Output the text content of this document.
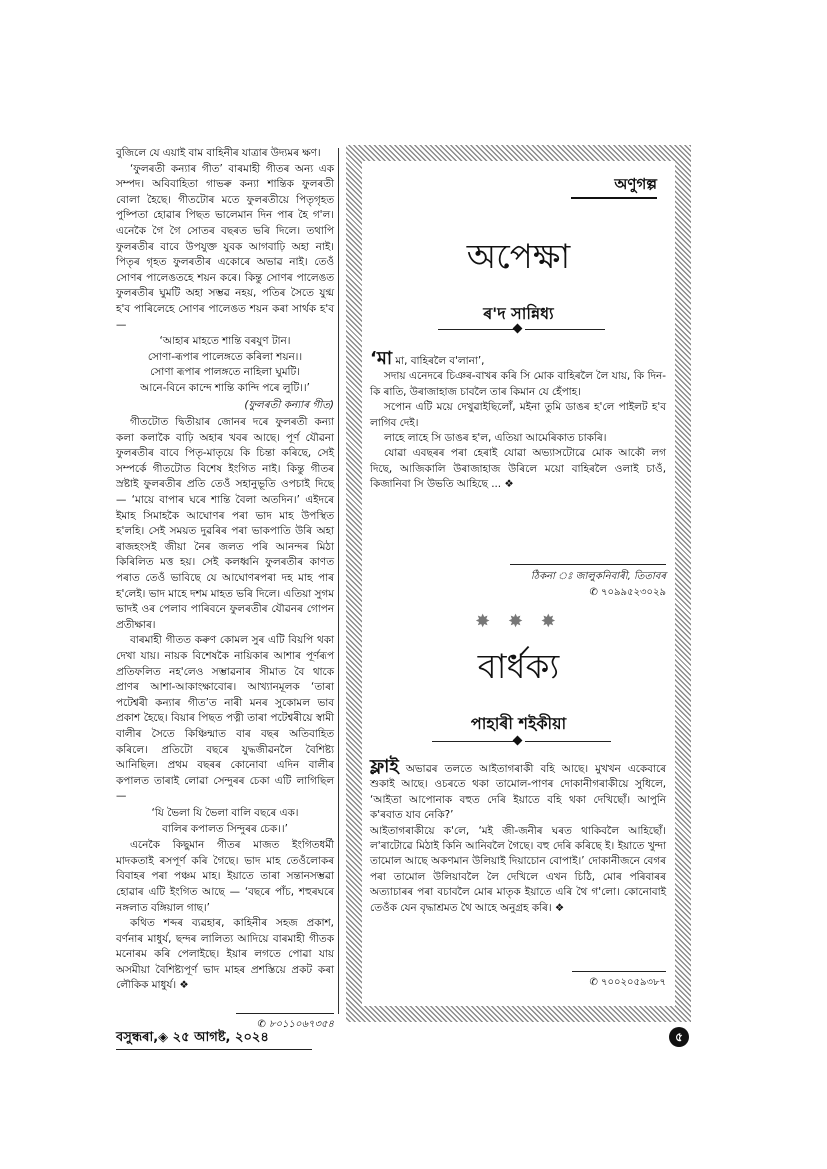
বুজিলে যে এয়াই বাম বাহিনীৰ যাত্ৰাৰ উদ্যমৰ ক্ষণ।

‘ফুলৰতী কন্যাৰ গীত’ বাৰমাহী গীতৰ অন্য এক সম্পদ। অবিবাহিতা গাভৰু কন্যা শান্তিক ফুলৰতী বোলা হৈছে। গীতটোৰ মতে ফুলৰতীয়ে পিতৃগৃহত পুষ্পিতা হোৱাৰ পিছত ভালেমান দিন পাৰ হৈ গ'ল। এনেকৈ গৈ গৈ সোতৰ বছৰত ভৰি দিলে। তথাপি ফুলৰতীৰ বাবে উপযুক্ত যুবক আগবাঢ়ি অহা নাই। পিতৃৰ গৃহত ফুলৰতীৰ একোৰে অভাৱ নাই। তেওঁ সোণৰ পালেঙতহে শয়ন কৰে। কিন্তু সোণৰ পালেঙত ফুলৰতীৰ ঘুমটি অহা সম্ভৱ নহয়, পতিৰ সৈতে যুগ্ম হ'ব পাৰিলেহে সোণৰ পালেঙত শয়ন কৰা সাৰ্থক হ'ব —

‘আহাৰ মাহতে শান্তি বৰযুণ টান।
সোণা-ৰূপাৰ পালেঙ্গতে কৰিলা শয়ন।।
সোণা ৰূপাৰ পালঙ্গতে নাহিলা ঘুমটি।
আনে-বিনে কান্দে শান্তি কান্দি পৰে লুটি।।’
(ফুলৰতী কন্যাৰ গীত)

গীতটোত দ্বিতীয়াৰ জোনৰ দৰে ফুলৰতী কন্যা কলা কলাকৈ বাঢ়ি অহাৰ খবৰ আছে। পূৰ্ণ যৌৱনা ফুলৰতীৰ বাবে পিতৃ-মাতৃয়ে কি চিন্তা কৰিছে, সেই সম্পৰ্কে গীতটোত বিশেষ ইংগিত নাই। কিন্তু গীতৰ স্ৰষ্টাই ফুলৰতীৰ প্ৰতি তেওঁ সহানুভূতি ওপচাই দিছে — ‘মায়ে বাপাৰ ঘৰে শান্তি বৈলা অতদিন।’ এইদৰে ইমাহ সিমাহকৈ আঘোণৰ পৰা ভাদ মাহ উপস্থিত হ'লহি। সেই সময়ত দুৱৰিৰ পৰা ভাকপাতি উৰি অহা ৰাজহংসই জীয়া নৈৰ জলত পৰি আনন্দৰ মিঠা কিৰিলিত মত্ত হয়। সেই কলধ্বনি ফুলৰতীৰ কাণত পৰাত তেওঁ ভাবিছে যে আঘোণৰপৰা দহ মাহ পাৰ হ'লেই। ভাদ মাহে দশম মাহত ভৰি দিলে। এতিয়া সুগম ভাদই ওৰ পেলাব পাৰিবনে ফুলৰতীৰ যৌৱনৰ গোপন প্ৰতীক্ষাৰ।

বাৰমাহী গীতত কৰুণ কোমল সুৰ এটি বিয়পি থকা দেখা যায়। নায়ক বিশেষকৈ নায়িকাৰ আশাৰ পূৰ্ণৰূপ প্ৰতিফলিত নহ'লেও সম্ভাৱনাৰ সীমাত বৈ থাকে প্ৰাণৰ আশা-আকাংক্ষাবোৰ। আখ্যানমূলক ‘তাৰা পটেশ্বৰী কন্যাৰ গীত’ত নাৰী মনৰ সুকোমল ভাব প্ৰকাশ হৈছে। বিয়াৰ পিছত পত্নী তাৰা পটেশ্বৰীয়ে স্বামী বালীৰ সৈতে কিঞ্চিন্মাত বাৰ বছৰ অতিবাহিত কৰিলে। প্ৰতিটো বছৰে যুদ্ধজীৱনলৈ বৈশিষ্ট্য আনিছিল। প্ৰথম বছৰৰ কোনোবা এদিন বালীৰ কপালত তাৰাই লোৱা সেন্দুৰৰ চেকা এটি লাগিছিল —

‘যি ভৈলা যি ভৈলা বালি বছৰে এক।
বালিৰ কপালত সিন্দুৰৰ চেক।।’

এনেকৈ কিছুমান গীতৰ মাজত ইংগিতধৰ্মী মাদকতাই ৰসপূৰ্ণ কৰি গৈছে। ভাদ মাহ তেওঁলোকৰ বিবাহৰ পৰা পঞ্চম মাহ। ইয়াতে তাৰা সন্তানসম্ভৱা হোৱাৰ এটি ইংগিত আছে — ‘বছৰে পাঁচ, শহুৰঘৰে নঙ্গলাত বঙ্গিয়াল গাছ।’

কথিত শব্দৰ ব্যৱহাৰ, কাহিনীৰ সহজ প্ৰকাশ, বৰ্ণনাৰ মাধুৰ্য, ছন্দৰ লালিত্য আদিয়ে বাৰমাহী গীতক মনোৰম কৰি পেলাইছে। ইয়াৰ লগতে পোৱা যায় অসমীয়া বৈশিষ্ট্যপূৰ্ণ ভাদ মাহৰ প্ৰশস্তিয়ে প্ৰকট কৰা লৌকিক মাধুৰ্য। ❖

✆ ৮০১১০৬৭৩৫৪
বসুন্ধৰা,◈ ২৫ আগষ্ট, ২০২৪	৫
অণুগল্প
অপেক্ষা
ৰ'দ সান্নিধ্য

‘মা মা, বাহিৰলৈ ব'লানা’,

সদায় এনেদৰে চিঞৰ-বাখৰ কৰি সি মোক বাহিৰলৈ লৈ যায়, কি দিন-কি ৰাতি, উৰাজাহাজ চাবলৈ তাৰ কিমান যে হেঁপাহ।

সপোন এটি ময়ে দেখুৱাইছিলোঁ, মইনা তুমি ডাঙৰ হ'লে পাইলট হ'ব লাগিব দেই।

লাহে লাহে সি ডাঙৰ হ'ল, এতিয়া আমেৰিকাত চাকৰি।

যোৱা এবছৰৰ পৰা হেৰাই যোৱা অভ্যাসটোৱে মোক আকৌ লগ দিছে, আজিকালি উৰাজাহাজ উৰিলে ময়ো বাহিৰলৈ ওলাই চাওঁ, কিজানিবা সি উভতি আহিছে ... ❖

ঠিকনা ঃ জালুকনিবাৰী, তিতাবৰ
✆ ৭০৯৯৫২৩০২৯
✸ ✸ ✸
বাৰ্ধক্য
পাহাৰী শইকীয়া

ফ্লাই অভাৱৰ তলতে আইতাগৰাকী বহি আছে। মুখখন একেবাৰে শুকাই আছে। ওচৰতে থকা তামোল-পাণৰ দোকানীগৰাকীয়ে সুধিলে, ‘আইতা আপোনাক বহুত দেৰি ইয়াতে বহি থকা দেখিছোঁ। আপুনি ক'ৰবাত যাব নেকি?’

আইতাগৰাকীয়ে ক'লে, ‘মই জী-জনীৰ ঘৰত থাকিবলৈ আহিছোঁ। ল'ৰাটোৱে মিঠাই কিনি আনিবলৈ গৈছে। বহু দেৰি কৰিছে ই। ইয়াতে খুন্দা তামোল আছে অকণমান উলিয়াই দিয়াচোন বোপাই।’ দোকানীজনে বেগৰ পৰা তামোল উলিয়াবলৈ লৈ দেখিলে এখন চিঠি, মোৰ পৰিবাৰৰ অত্যাচাৰৰ পৰা বচাবলৈ মোৰ মাতৃক ইয়াতে এৰি থৈ গ'লো। কোনোবাই তেওঁক যেন বৃদ্ধাশ্ৰমত থৈ আহে অনুগ্ৰহ কৰি। ❖

✆ ৭০০২০৫৯৩৮৭
